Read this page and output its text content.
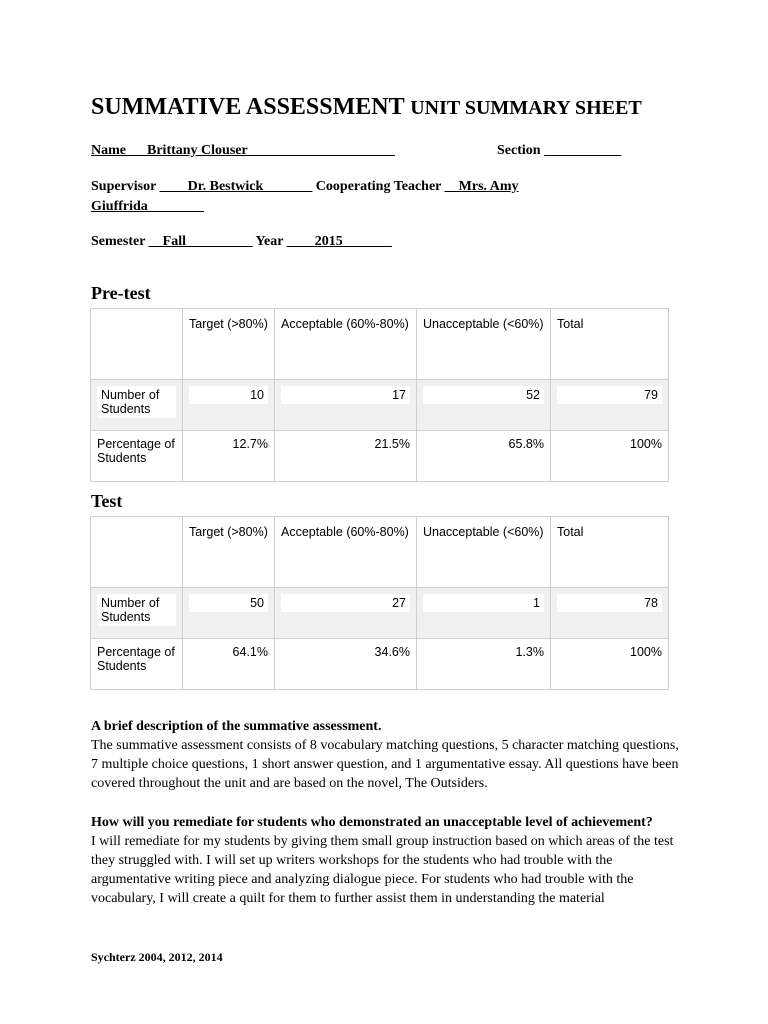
SUMMATIVE ASSESSMENT UNIT SUMMARY SHEET
Name___Brittany Clouser_____________________	Section ___________
Supervisor ____Dr. Bestwick_______ Cooperating Teacher __Mrs. Amy
Giuffrida________
Semester __Fall _________ Year ____2015_______
Pre-test
	Target (>80%)	Acceptable (60%-80%)	Unacceptable (<60%)	Total

Number of Students	10	17	52	79

Percentage of Students	12.7%	21.5%	65.8%	100%
Test
	Target (>80%)	Acceptable (60%-80%)	Unacceptable (<60%)	Total

Number of Students	50	27	1	78

Percentage of Students	64.1%	34.6%	1.3%	100%
A brief description of the summative assessment.
The summative assessment consists of 8 vocabulary matching questions, 5 character matching questions, 7 multiple choice questions, 1 short answer question, and 1 argumentative essay. All questions have been covered throughout the unit and are based on the novel, The Outsiders.
How will you remediate for students who demonstrated an unacceptable level of achievement?
I will remediate for my students by giving them small group instruction based on which areas of the test they struggled with. I will set up writers workshops for the students who had trouble with the argumentative writing piece and analyzing dialogue piece. For students who had trouble with the vocabulary, I will create a quilt for them to further assist them in understanding the material
Sychterz 2004, 2012, 2014
